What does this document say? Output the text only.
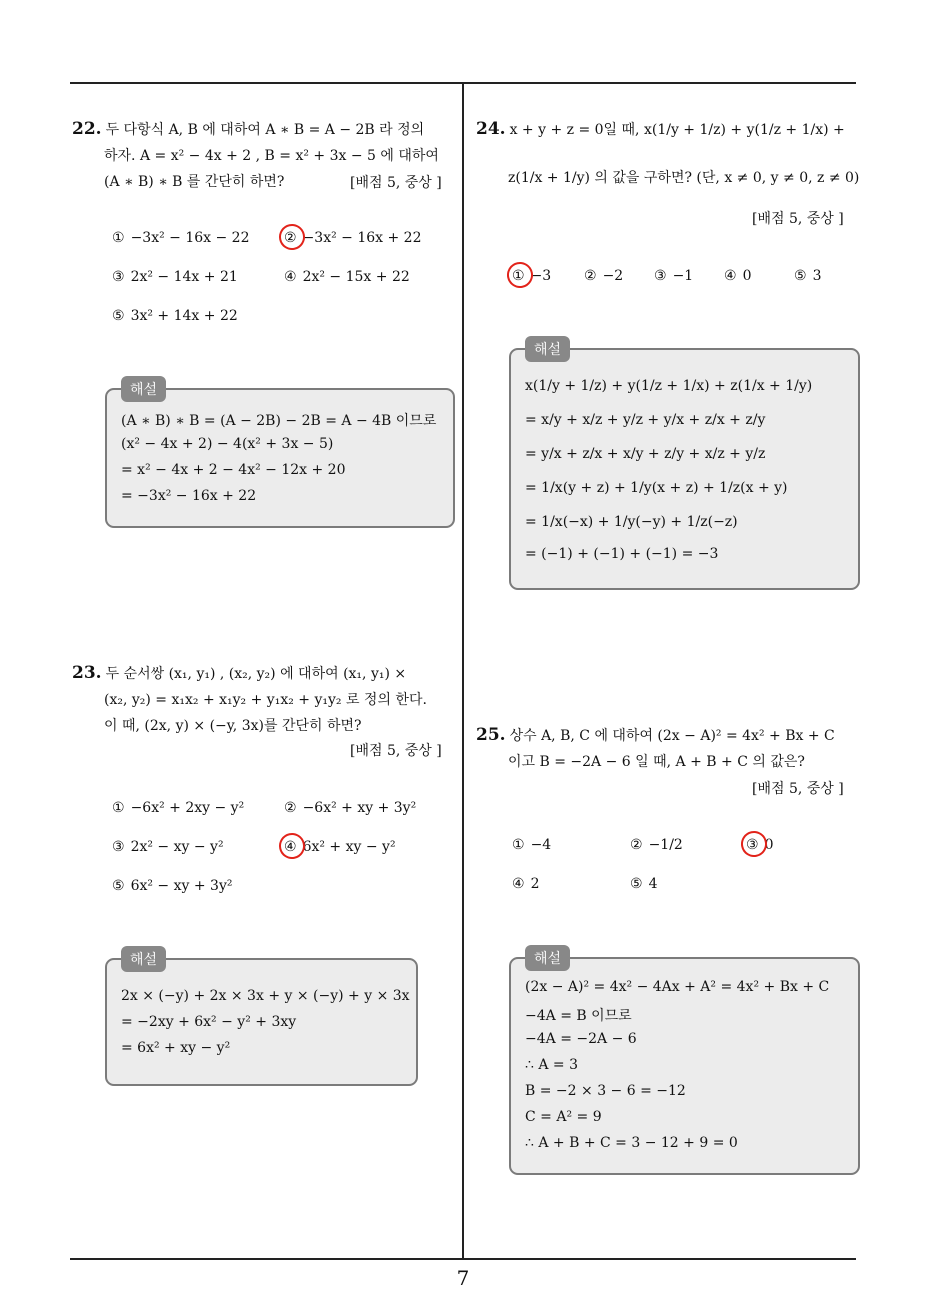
22. 두 다항식 A, B 에 대하여 A ∗ B = A − 2B 라 정의
하자. A = x² − 4x + 2 , B = x² + 3x − 5 에 대하여
(A ∗ B) ∗ B 를 간단히 하면?	[배점 5, 중상 ]
① −3x² − 16x − 22 ② −3x² − 16x + 22
③ 2x² − 14x + 21	④ 2x² − 15x + 22
⑤ 3x² + 14x + 22
해설
(A ∗ B) ∗ B = (A − 2B) − 2B = A − 4B 이므로
(x² − 4x + 2) − 4(x² + 3x − 5)
= x² − 4x + 2 − 4x² − 12x + 20
= −3x² − 16x + 22
23. 두 순서쌍 (x₁, y₁) , (x₂, y₂) 에 대하여 (x₁, y₁) ×
(x₂, y₂) = x₁x₂ + x₁y₂ + y₁x₂ + y₁y₂ 로 정의 한다.
이 때, (2x, y) × (−y, 3x)를 간단히 하면?
[배점 5, 중상 ]
① −6x² + 2xy − y²	② −6x² + xy + 3y²
③ 2x² − xy − y²	④ 6x² + xy − y²
⑤ 6x² − xy + 3y²
해설
2x × (−y) + 2x × 3x + y × (−y) + y × 3x
= −2xy + 6x² − y² + 3xy
= 6x² + xy − y²
24. x + y + z = 0일 때, x(1/y + 1/z) + y(1/z + 1/x) +
z(1/x + 1/y) 의 값을 구하면? (단, x ≠ 0, y ≠ 0, z ≠ 0)
[배점 5, 중상 ]
① −3 ② −2 ③ −1 ④ 0	⑤ 3
해설
x(1/y + 1/z) + y(1/z + 1/x) + z(1/x + 1/y)
= x/y + x/z + y/z + y/x + z/x + z/y
= y/x + z/x + x/y + z/y + x/z + y/z
= 1/x(y + z) + 1/y(x + z) + 1/z(x + y)
= 1/x(−x) + 1/y(−y) + 1/z(−z)
= (−1) + (−1) + (−1) = −3
25. 상수 A, B, C 에 대하여 (2x − A)² = 4x² + Bx + C
이고 B = −2A − 6 일 때, A + B + C 의 값은?
[배점 5, 중상 ]
① −4	② −1/2	③ 0
④ 2	⑤ 4
해설
(2x − A)² = 4x² − 4Ax + A² = 4x² + Bx + C
−4A = B 이므로
−4A = −2A − 6
∴ A = 3
B = −2 × 3 − 6 = −12
C = A² = 9
∴ A + B + C = 3 − 12 + 9 = 0
7
